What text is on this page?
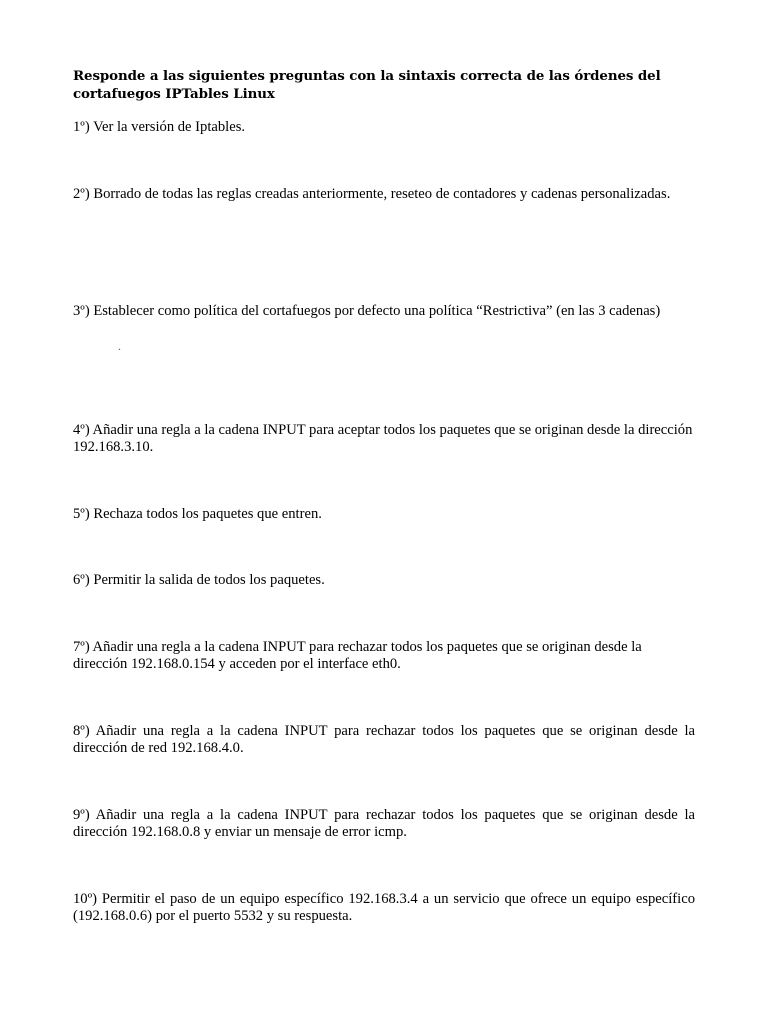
Responde a las siguientes preguntas con la sintaxis correcta de las órdenes del cortafuegos IPTables Linux
1º) Ver la versión de Iptables.
2º) Borrado de todas las reglas creadas anteriormente, reseteo de contadores y cadenas personalizadas.
3º) Establecer como política del cortafuegos por defecto una política “Restrictiva” (en las 3 cadenas)
.
4º) Añadir una regla a la cadena INPUT para aceptar todos los paquetes que se originan desde la dirección 192.168.3.10.
5º) Rechaza todos los paquetes que entren.
6º) Permitir la salida de todos los paquetes.
7º) Añadir una regla a la cadena INPUT para rechazar todos los paquetes que se originan desde la dirección 192.168.0.154 y acceden por el interface eth0.
8º) Añadir una regla a la cadena INPUT para rechazar todos los paquetes que se originan desde la dirección de red 192.168.4.0.
9º) Añadir una regla a la cadena INPUT para rechazar todos los paquetes que se originan desde la dirección 192.168.0.8 y enviar un mensaje de error icmp.
10º) Permitir el paso de un equipo específico 192.168.3.4 a un servicio que ofrece un equipo específico (192.168.0.6) por el puerto 5532 y su respuesta.
